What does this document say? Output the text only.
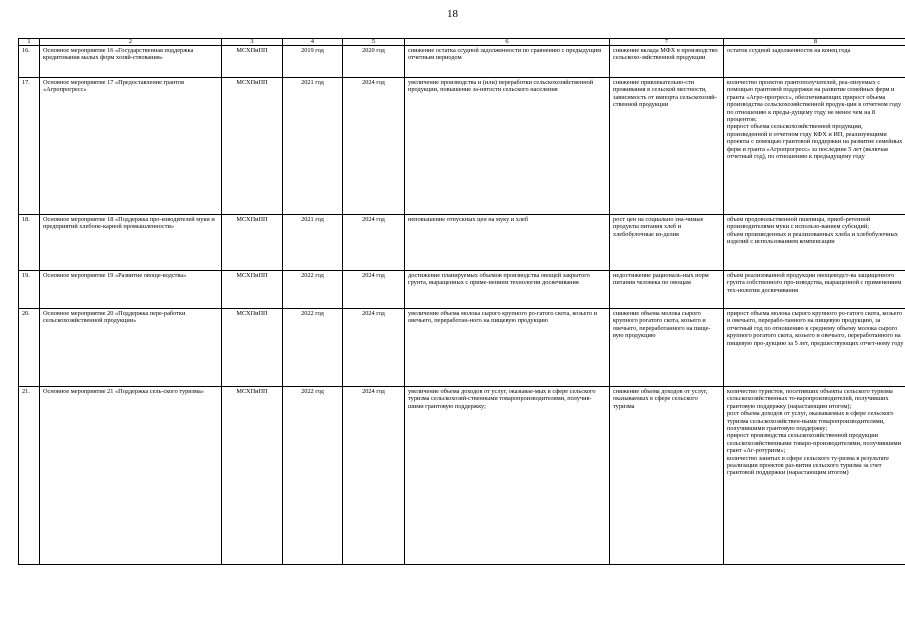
18
1	2	3	4	5	6	7	8
16.	Основное мероприятие 16 «Государственная поддержка кредитования малых форм хозяй-ствования»	МСХПиПП	2019 год	2020 год	снижение остатка ссудной задолженности по сравнению с предыдущим отчетным периодом	снижение вклада МФХ в производство сельскохо-зяйственной продукции	остаток ссудной задолженности на конец года
17.	Основное мероприятие 17 «Предоставление грантов «Агропрогресс»	МСХПиПП	2021 год	2024 год	увеличение производства и (или) переработки сельскохозяйственной продукции, повышение за-нятости сельского населения	снижение привлекательно-сти проживания в сельской местности, зависимость от импорта сельскохозяй-ственной продукции	количество проектов грантополучателей, реа-лизуемых с помощью грантовой поддержки на развитие семейных ферм и гранта «Агро-прогресс», обеспечивающих прирост объема производства сельскохозяйственной продук-ции в отчетном году по отношению к преды-дущему году не менее чем на 8 процентов;
прирост объема сельскохозяйственной продукции, произведенной в отчетном году КФХ и ИП, реализующими проекты с помощью грантовой поддержки на развитие семейных ферм и гранта «Агропрогресс» за последние 5 лет (включая отчетный год), по отношению к предыдущему году
18.	Основное мероприятие 18 «Поддержка про-изводителей муки и предприятий хлебопе-карной промышленности»	МСХПиПП	2021 год	2024 год	неповышение отпускных цен на муку и хлеб	рост цен на социально зна-чимые продукты питания хлеб и хлебобулочные из-делия	объем продовольственной пшеницы, приоб-ретенной производителями муки с использо-ванием субсидий;
объем произведенных и реализованных хлеба и хлебобулочных изделий с использованием компенсации
19.	Основное мероприятие 19 «Развитие овоще-водства»	МСХПиПП	2022 год	2024 год	достижение планируемых объемов производства овощей закрытого грунта, выращенных с приме-нением технологии досвечивания	недостижение рациональ-ных норм питания человека по овощам	объем реализованной продукции овощеводст-ва защищенного грунта собственного про-изводства, выращенной с применением тех-нологии досвечивания
20.	Основное мероприятие 20 «Поддержка пере-работки сельскохозяйственной продукции»	МСХПиПП	2022 год	2024 год	увеличение объема молока сырого крупного ро-гатого скота, козьего и овечьего, переработан-ного на пищевую продукцию	снижение объема молока сырого крупного рогатого скота, козьего и овечьего, переработанного на пище-вую продукцию	прирост объема молока сырого крупного ро-гатого скота, козьего и овечьего, перерабо-танного на пищевую продукцию, за отчетный год по отношению к среднему объему молока сырого крупного рогатого скота, козьего и овечьего, переработанного на пищевую про-дукцию за 5 лет, предшествующих отчет-ному году
21.	Основное мероприятие 21 «Поддержка сель-ского туризма»	МСХПиПП	2022 год	2024 год	увеличение объема доходов от услуг, оказывае-мых в сфере сельского туризма сельскохозяй-ственными товаропроизводителями, получив-шими грантовую поддержку;	снижение объема доходов от услуг, оказываемых в сфере сельского туризма	количество туристов, посетивших объекты сельского туризма сельскохозяйственных то-варопроизводителей, получивших грантовую поддержку (нарастающим итогом);
рост объема доходов от услуг, оказываемых в сфере сельского туризма сельскохозяйствен-ными товаропроизводителями, получившими грантовую поддержку;
прирост производства сельскохозяйственной продукции сельскохозяйственными товаро-производителями, получившими грант «Аг-ротуризм»;
количество занятых в сфере сельского ту-ризма в результате реализации проектов раз-вития сельского туризма за счет грантовой поддержки (нарастающим итогом)
